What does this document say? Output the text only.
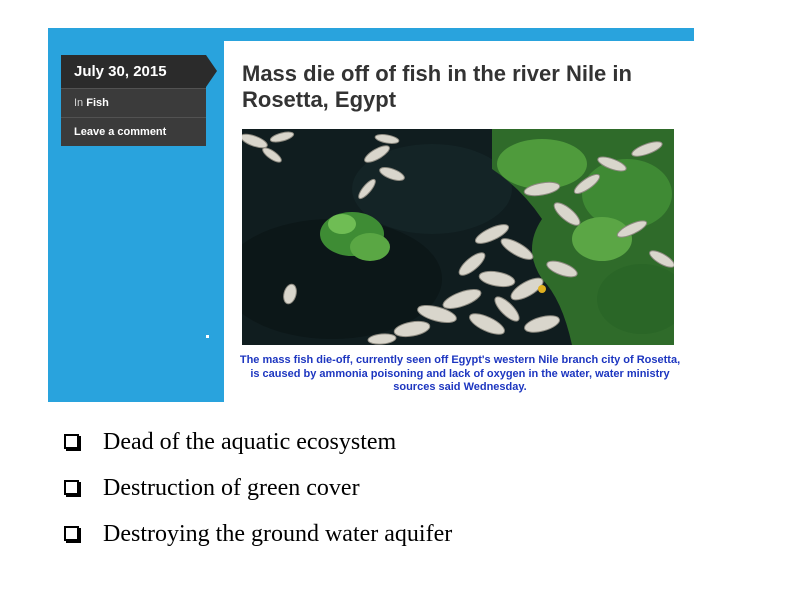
July 30, 2015
In Fish
Leave a comment
Mass die off of fish in the river Nile in Rosetta, Egypt

The mass fish die-off, currently seen off Egypt's western Nile branch city of Rosetta, is caused by ammonia poisoning and lack of oxygen in the water, water ministry sources said Wednesday.

Dead of the aquatic ecosystem
Destruction of green cover
Destroying the ground water aquifer
